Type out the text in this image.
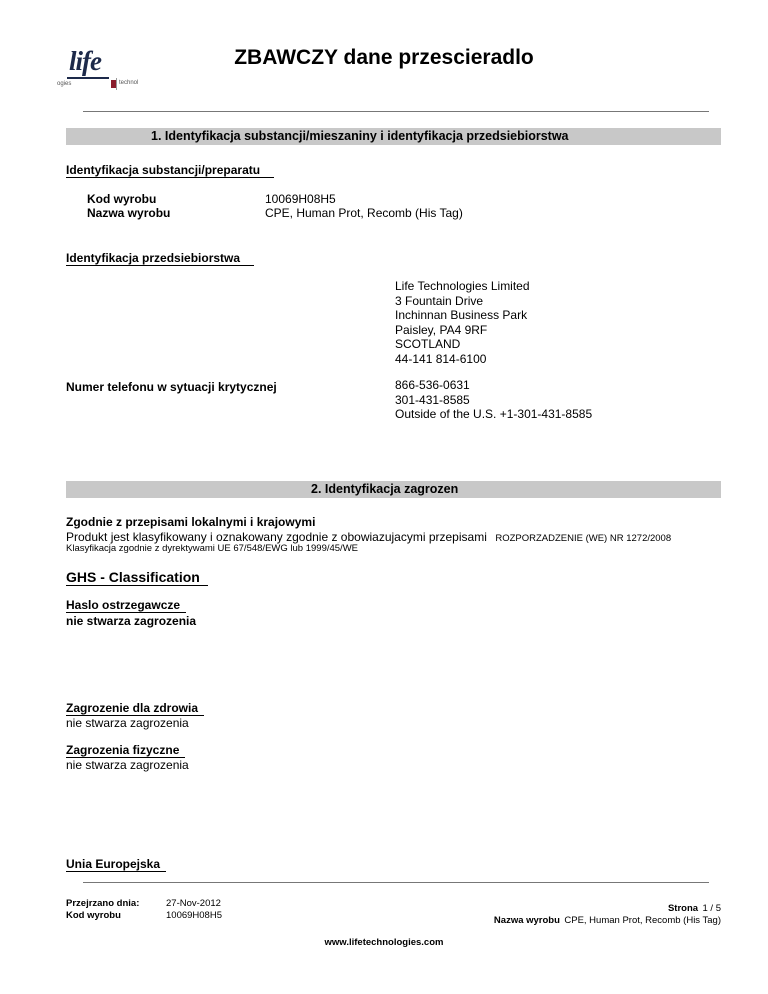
life
ogies	technol
ZBAWCZY dane przescieradlo
1. Identyfikacja substancji/mieszaniny i identyfikacja przedsiebiorstwa
Identyfikacja substancji/preparatu
Kod wyrobu	10069H08H5
Nazwa wyrobu	CPE, Human Prot, Recomb (His Tag)
Identyfikacja przedsiebiorstwa
Life Technologies Limited
3 Fountain Drive
Inchinnan Business Park
Paisley, PA4 9RF
SCOTLAND
44-141 814-6100
Numer telefonu w sytuacji krytycznej	866-536-0631
301-431-8585
Outside of the U.S. +1-301-431-8585
2. Identyfikacja zagrozen
Zgodnie z przepisami lokalnymi i krajowymi
Produkt jest klasyfikowany i oznakowany zgodnie z obowiazujacymi przepisami ROZPORZADZENIE (WE) NR 1272/2008
Klasyfikacja zgodnie z dyrektywami UE 67/548/EWG lub 1999/45/WE
GHS - Classification
Haslo ostrzegawcze
nie stwarza zagrozenia
Zagrozenie dla zdrowia
nie stwarza zagrozenia
Zagrozenia fizyczne
nie stwarza zagrozenia
Unia Europejska
Przejrzano dnia:	27-Nov-2012
Kod wyrobu	10069H08H5
Strona 1 / 5
Nazwa wyrobu CPE, Human Prot, Recomb (His Tag)
www.lifetechnologies.com
